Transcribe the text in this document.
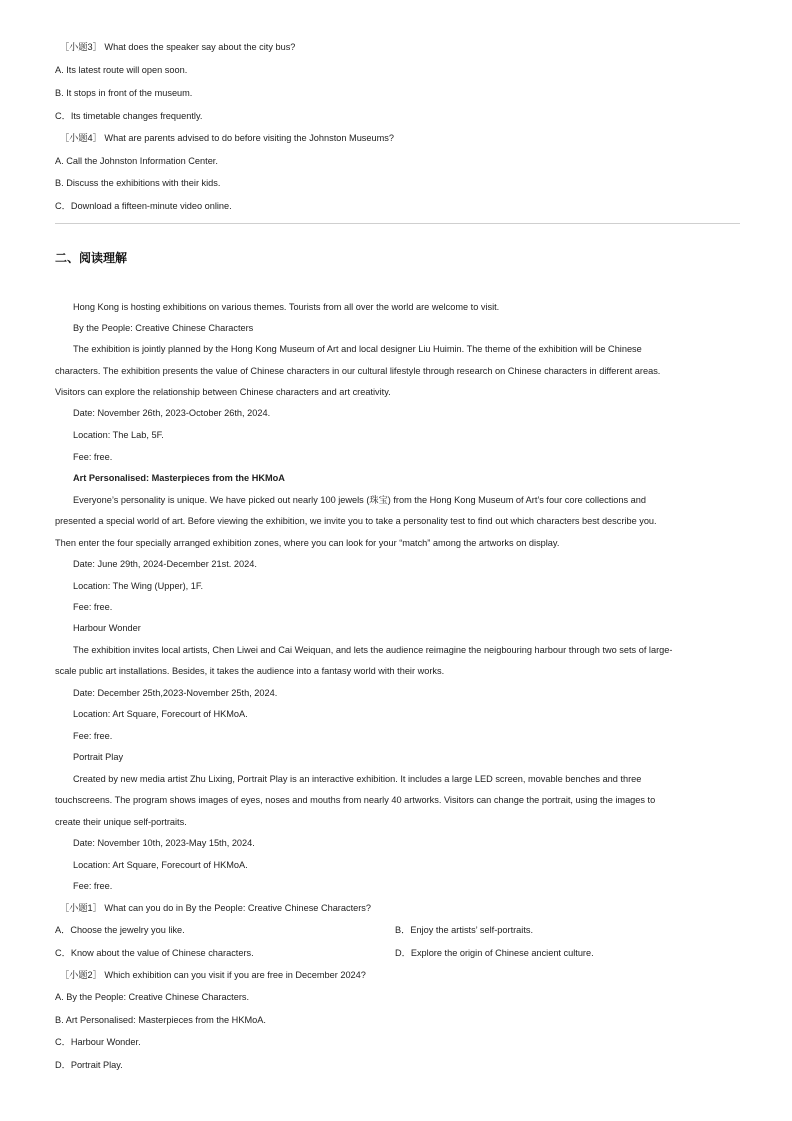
［小题3］ What does the speaker say about the city bus?
A. Its latest route will open soon.
B. It stops in front of the museum.
C．Its timetable changes frequently.
［小题4］ What are parents advised to do before visiting the Johnston Museums?
A. Call the Johnston Information Center.
B. Discuss the exhibitions with their kids.
C．Download a fifteen-minute video online.
二、阅读理解
Hong Kong is hosting exhibitions on various themes. Tourists from all over the world are welcome to visit.
By the People: Creative Chinese Characters
The exhibition is jointly planned by the Hong Kong Museum of Art and local designer Liu Huimin. The theme of the exhibition will be Chinese
characters. The exhibition presents the value of Chinese characters in our cultural lifestyle through research on Chinese characters in different areas.
Visitors can explore the relationship between Chinese characters and art creativity.
Date: November 26th, 2023-October 26th, 2024.
Location: The Lab, 5F.
Fee: free.
Art Personalised: Masterpieces from the HKMoA
Everyone’s personality is unique. We have picked out nearly 100 jewels (珠宝) from the Hong Kong Museum of Art’s four core collections and
presented a special world of art. Before viewing the exhibition, we invite you to take a personality test to find out which characters best describe you.
Then enter the four specially arranged exhibition zones, where you can look for your “match” among the artworks on display.
Date: June 29th, 2024-December 21st. 2024.
Location: The Wing (Upper), 1F.
Fee: free.
Harbour Wonder
The exhibition invites local artists, Chen Liwei and Cai Weiquan, and lets the audience reimagine the neigbouring harbour through two sets of large-
scale public art installations. Besides, it takes the audience into a fantasy world with their works.
Date: December 25th,2023-November 25th, 2024.
Location: Art Square, Forecourt of HKMoA.
Fee: free.
Portrait Play
Created by new media artist Zhu Lixing, Portrait Play is an interactive exhibition. It includes a large LED screen, movable benches and three
touchscreens. The program shows images of eyes, noses and mouths from nearly 40 artworks. Visitors can change the portrait, using the images to
create their unique self-portraits.
Date: November 10th, 2023-May 15th, 2024.
Location: Art Square, Forecourt of HKMoA.
Fee: free.
［小题1］ What can you do in By the People: Creative Chinese Characters?
A．Choose the jewelry you like.	B．Enjoy the artists’ self-portraits.
C．Know about the value of Chinese characters.	D．Explore the origin of Chinese ancient culture.
［小题2］ Which exhibition can you visit if you are free in December 2024?
A. By the People: Creative Chinese Characters.
B. Art Personalised: Masterpieces from the HKMoA.
C．Harbour Wonder.
D．Portrait Play.
